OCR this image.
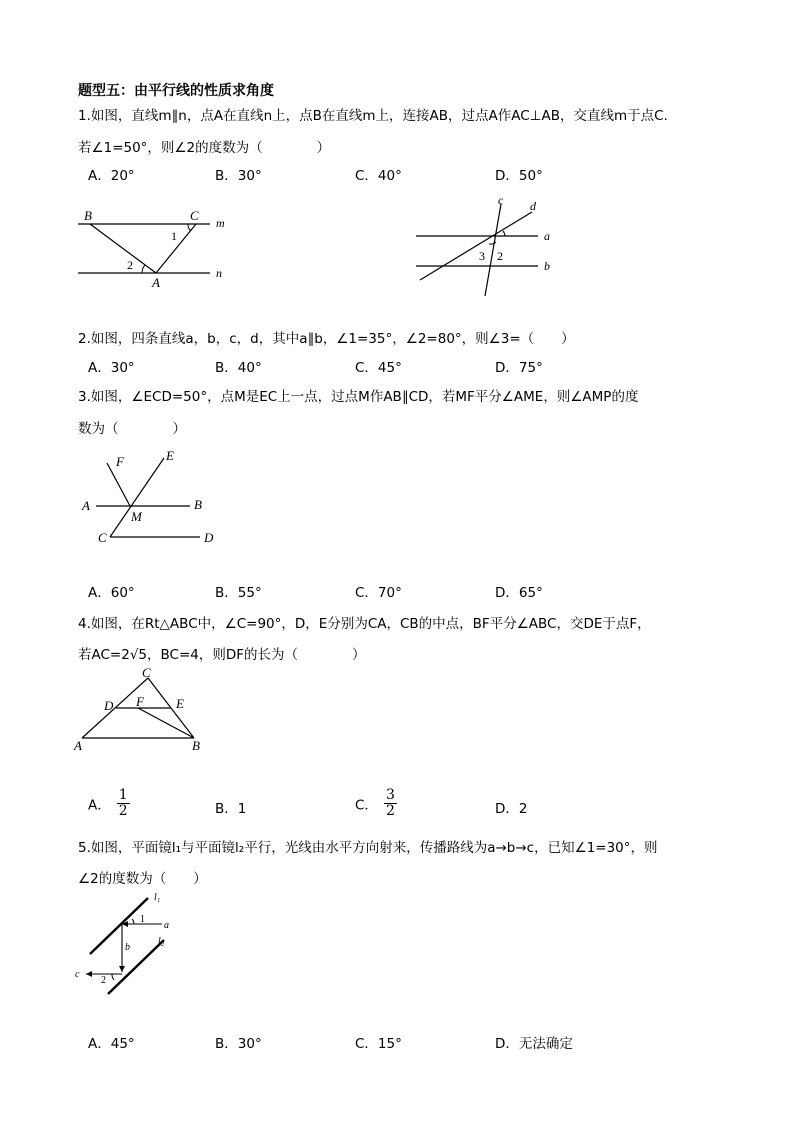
题型五：由平行线的性质求角度
1.如图，直线m∥n，点A在直线n上，点B在直线m上，连接AB，过点A作AC⊥AB，交直线m于点C.
若∠1=50°，则∠2的度数为（　　　　）
A．20°	B．30°	C．40°	D．50°
B	C m
1
2
A
n
c d
a
b
3 2
2.如图，四条直线a，b，c，d，其中a∥b，∠1=35°，∠2=80°，则∠3=（　　）
A．30°	B．40°	C．45°	D．75°
3.如图，∠ECD=50°，点M是EC上一点，过点M作AB∥CD，若MF平分∠AME，则∠AMP的度
数为（　　　　）
F	E
A	B
M
C	D
A．60°	B．55°	C．70°	D．65°
4.如图，在Rt△ABC中，∠C=90°，D，E分别为CA，CB的中点，BF平分∠ABC，交DE于点F，
若AC=2√5，BC=4，则DF的长为（　　　　）
C
D F E
A	B
A． $\frac{1}{2}$	B．1	C． $\frac{3}{2}$	D．2
5.如图，平面镜l₁与平面镜l₂平行，光线由水平方向射来，传播路线为a→b→c，已知∠1=30°，则
∠2的度数为（　　）
l₁
l₂
1
a
b
c
2
A．45°	B．30°	C．15°	D．无法确定
